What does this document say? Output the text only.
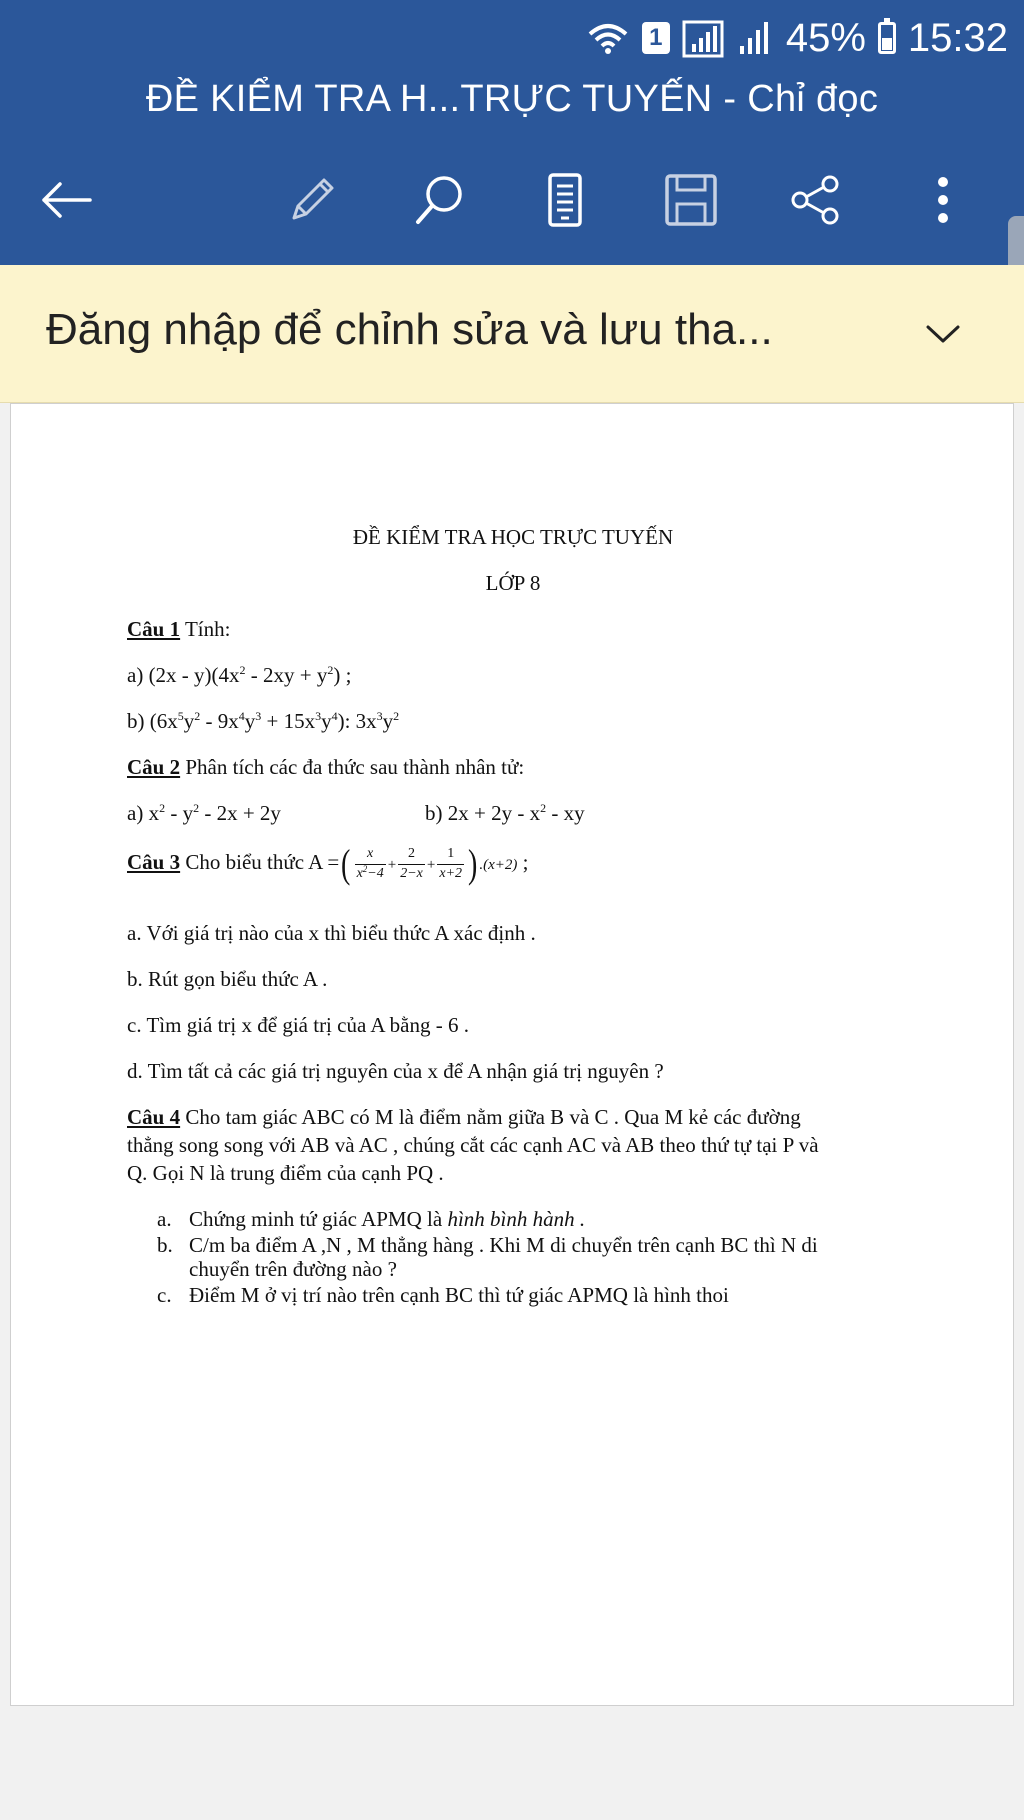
1	45% 15:32
ĐỀ KIỂM TRA H...TRỰC TUYẾN - Chỉ đọc
Đăng nhập để chỉnh sửa và lưu tha...
ĐỀ KIỂM TRA HỌC TRỰC TUYẾN
LỚP 8
Câu 1 Tính:
a) $(2x - y)(4x^2 - 2xy + y^2)$ ;
b) $(6x^5y^2 - 9x^4y^3 + 15x^3y^4)$: $3x^3y^2$
Câu 2 Phân tích các đa thức sau thành nhân tử:
a) $x^2 - y^2 - 2x + 2y$	b) $2x + 2y - x^2$ - xy
Câu 3 Cho biểu thức A =( $\frac{x}{x^2-4} + \frac{2}{2-x} + \frac{1}{x+2}$ ) .(x+2) ;
a. Với giá trị nào của x thì biểu thức A xác định .
b. Rút gọn biểu thức A .
c. Tìm giá trị x để giá trị của A bằng - 6 .
d. Tìm tất cả các giá trị nguyên của x để A nhận giá trị nguyên ?
Câu 4 Cho tam giác ABC có M là điểm nằm giữa B và C . Qua M kẻ các đường
thẳng song song với AB và AC , chúng cắt các cạnh AC và AB theo thứ tự tại P và
Q. Gọi N là trung điểm của cạnh PQ .
a. Chứng minh tứ giác APMQ là hình bình hành .
b. C/m ba điểm A ,N , M thẳng hàng . Khi M di chuyển trên cạnh BC thì N di
chuyển trên đường nào ?
c. Điểm M ở vị trí nào trên cạnh BC thì tứ giác APMQ là hình thoi
